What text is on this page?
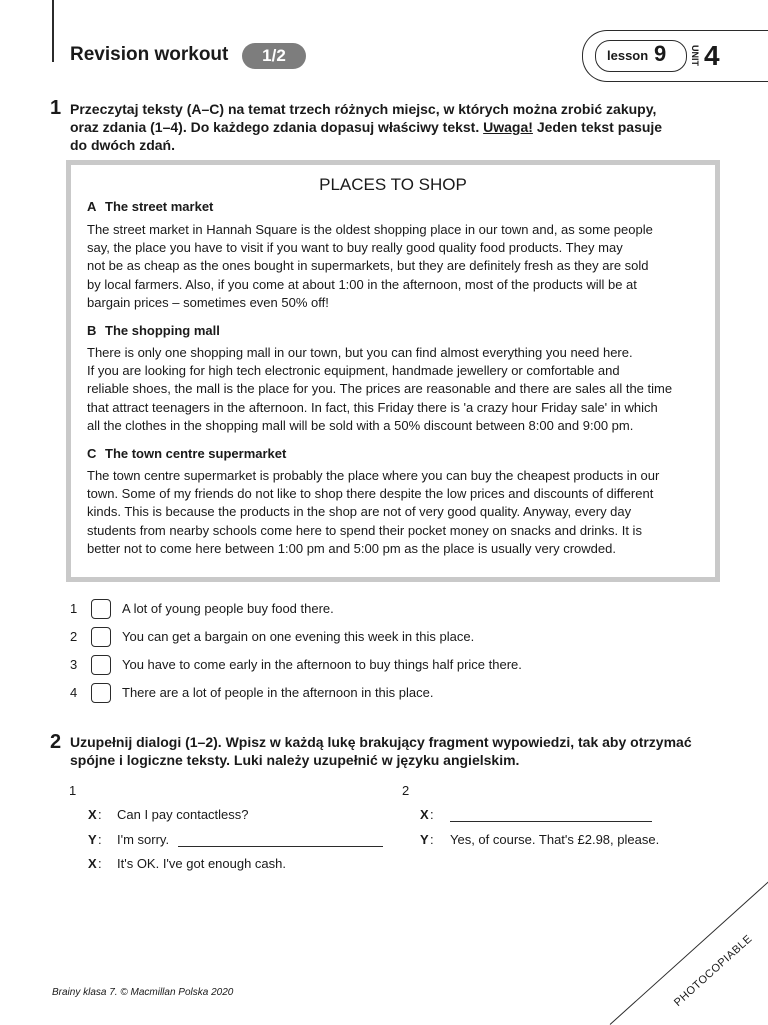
Revision workout	1/2	lesson 9	UNIT 4
1 Przeczytaj teksty (A–C) na temat trzech różnych miejsc, w których można zrobić zakupy,
oraz zdania (1–4). Do każdego zdania dopasuj właściwy tekst. Uwaga! Jeden tekst pasuje
do dwóch zdań.
PLACES TO SHOP
A The street market
The street market in Hannah Square is the oldest shopping place in our town and, as some people
say, the place you have to visit if you want to buy really good quality food products. They may
not be as cheap as the ones bought in supermarkets, but they are definitely fresh as they are sold
by local farmers. Also, if you come at about 1:00 in the afternoon, most of the products will be at
bargain prices – sometimes even 50% off!
B The shopping mall
There is only one shopping mall in our town, but you can find almost everything you need here.
If you are looking for high tech electronic equipment, handmade jewellery or comfortable and
reliable shoes, the mall is the place for you. The prices are reasonable and there are sales all the time
that attract teenagers in the afternoon. In fact, this Friday there is 'a crazy hour Friday sale' in which
all the clothes in the shopping mall will be sold with a 50% discount between 8:00 and 9:00 pm.
C The town centre supermarket
The town centre supermarket is probably the place where you can buy the cheapest products in our
town. Some of my friends do not like to shop there despite the low prices and discounts of different
kinds. This is because the products in the shop are not of very good quality. Anyway, every day
students from nearby schools come here to spend their pocket money on snacks and drinks. It is
better not to come here between 1:00 pm and 5:00 pm as the place is usually very crowded.
1	A lot of young people buy food there.
2	You can get a bargain on one evening this week in this place.
3	You have to come early in the afternoon to buy things half price there.
4	There are a lot of people in the afternoon in this place.
2 Uzupełnij dialogi (1–2). Wpisz w każdą lukę brakujący fragment wypowiedzi, tak aby otrzymać
spójne i logiczne teksty. Luki należy uzupełnić w języku angielskim.
1
X : Can I pay contactless?
Y : I'm sorry.
X : It's OK. I've got enough cash.
2
X :
Y : Yes, of course. That's £2.98, please.
Brainy klasa 7. © Macmillan Polska 2020	PHOTOCOPIABLE
